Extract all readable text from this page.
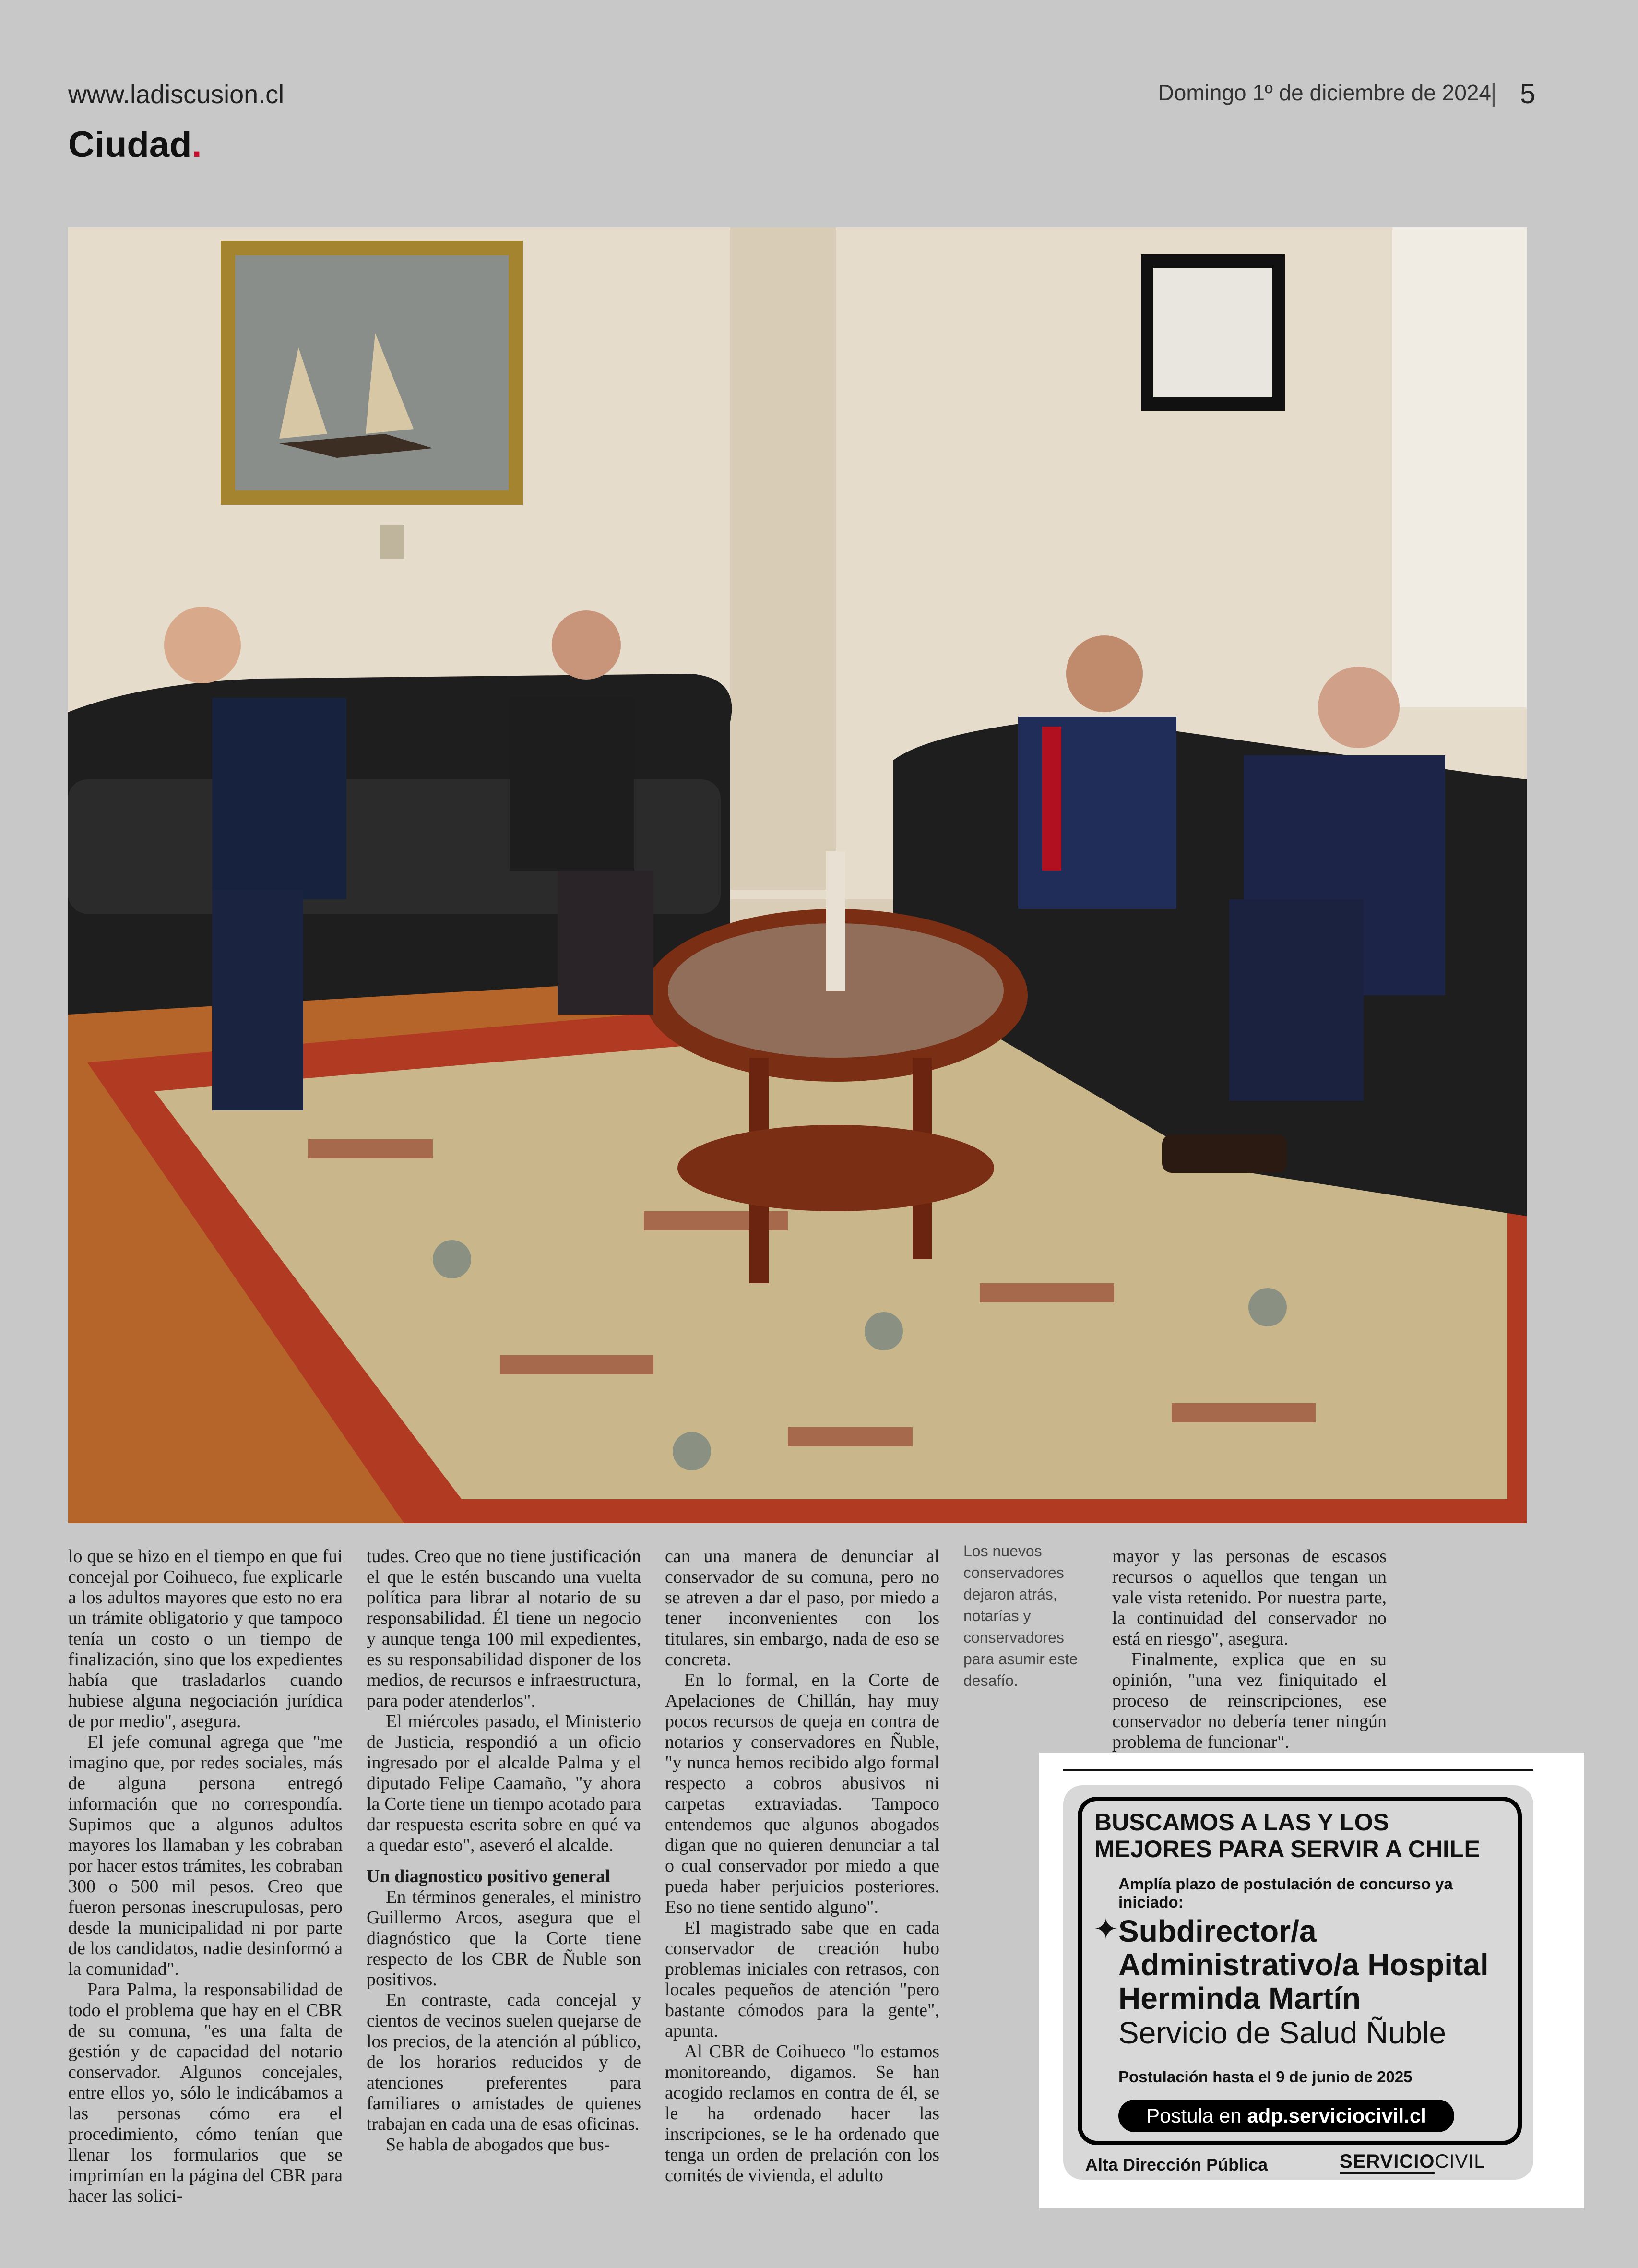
www.ladiscusion.cl	Domingo 1º de diciembre de 2024
| 5
Ciudad.

lo que se hizo en el tiempo en que fui concejal por Coihueco, fue explicarle a los adultos mayores que esto no era un trámite obligatorio y que tampoco tenía un costo o un tiempo de finalización, sino que los expedientes había que trasladarlos cuando hubiese alguna negociación jurídica de por medio", asegura.

El jefe comunal agrega que "me imagino que, por redes sociales, más de alguna persona entregó información que no correspondía. Supimos que a algunos adultos mayores los llamaban y les cobraban por hacer estos trámites, les cobraban 300 o 500 mil pesos. Creo que fueron personas inescrupulosas, pero desde la municipalidad ni por parte de los candidatos, nadie desinformó a la comunidad".

Para Palma, la responsabilidad de todo el problema que hay en el CBR de su comuna, "es una falta de gestión y de capacidad del notario conservador. Algunos concejales, entre ellos yo, sólo le indicábamos a las personas cómo era el procedimiento, cómo tenían que llenar los formularios que se imprimían en la página del CBR para hacer las solici-

tudes. Creo que no tiene justificación el que le estén buscando una vuelta política para librar al notario de su responsabilidad. Él tiene un negocio y aunque tenga 100 mil expedientes, es su responsabilidad disponer de los medios, de recursos e infraestructura, para poder atenderlos".

El miércoles pasado, el Ministerio de Justicia, respondió a un oficio ingresado por el alcalde Palma y el diputado Felipe Caamaño, "y ahora la Corte tiene un tiempo acotado para dar respuesta escrita sobre en qué va a quedar esto", aseveró el alcalde.

Un diagnostico positivo general

En términos generales, el ministro Guillermo Arcos, asegura que el diagnóstico que la Corte tiene respecto de los CBR de Ñuble son positivos.

En contraste, cada concejal y cientos de vecinos suelen quejarse de los precios, de la atención al público, de los horarios reducidos y de atenciones preferentes para familiares o amistades de quienes trabajan en cada una de esas oficinas.

Se habla de abogados que bus-

can una manera de denunciar al conservador de su comuna, pero no se atreven a dar el paso, por miedo a tener inconvenientes con los titulares, sin embargo, nada de eso se concreta.

En lo formal, en la Corte de Apelaciones de Chillán, hay muy pocos recursos de queja en contra de notarios y conservadores en Ñuble, "y nunca hemos recibido algo formal respecto a cobros abusivos ni carpetas extraviadas. Tampoco entendemos que algunos abogados digan que no quieren denunciar a tal o cual conservador por miedo a que pueda haber perjuicios posteriores. Eso no tiene sentido alguno".

El magistrado sabe que en cada conservador de creación hubo problemas iniciales con retrasos, con locales pequeños de atención "pero bastante cómodos para la gente", apunta.

Al CBR de Coihueco "lo estamos monitoreando, digamos. Se han acogido reclamos en contra de él, se le ha ordenado hacer las inscripciones, se le ha ordenado que tenga un orden de prelación con los comités de vivienda, el adulto

Los nuevos conservadores dejaron atrás, notarías y conservadores para asumir este desafío.

mayor y las personas de escasos recursos o aquellos que tengan un vale vista retenido. Por nuestra parte, la continuidad del conservador no está en riesgo", asegura.

Finalmente, explica que en su opinión, "una vez finiquitado el proceso de reinscripciones, ese conservador no debería tener ningún problema de funcionar".

BUSCAMOS A LAS Y LOS MEJORES PARA SERVIR A CHILE
Amplía plazo de postulación de concurso ya iniciado:
✦ Subdirector/a Administrativo/a Hospital Herminda Martín
Servicio de Salud Ñuble
Postulación hasta el 9 de junio de 2025
Postula en adp.serviciocivil.cl
Alta Dirección Pública	SERVICIOCIVIL
